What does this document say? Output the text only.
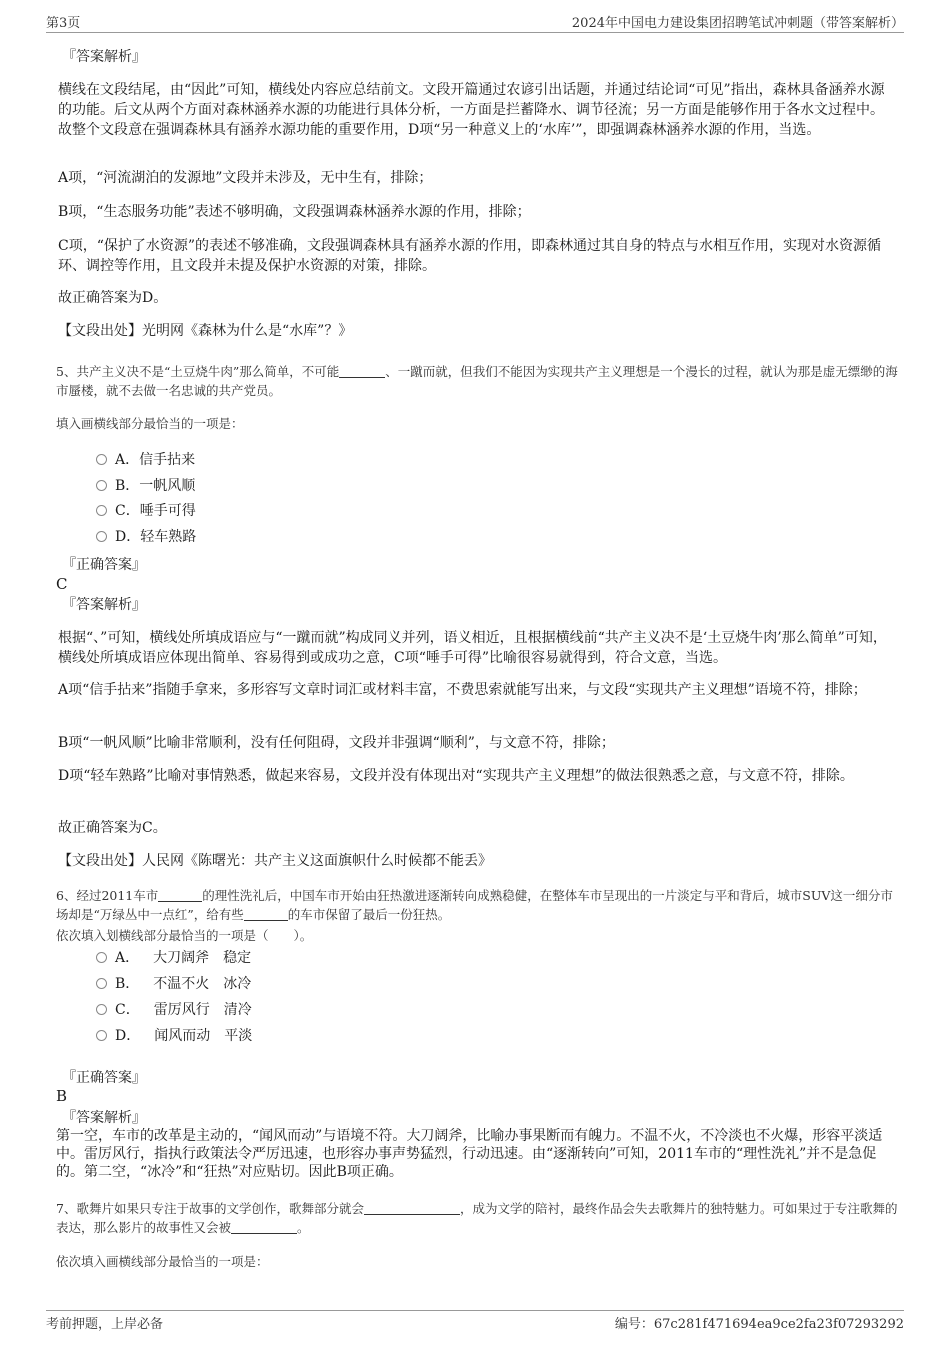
第3页	2024年中国电力建设集团招聘笔试冲刺题（带答案解析）
『答案解析』
横线在文段结尾，由“因此”可知，横线处内容应总结前文。文段开篇通过农谚引出话题，并通过结论词“可见”指出，森林具备涵养水源的功能。后文从两个方面对森林涵养水源的功能进行具体分析，一方面是拦蓄降水、调节径流；另一方面是能够作用于各水文过程中。故整个文段意在强调森林具有涵养水源功能的重要作用，D项“另一种意义上的‘水库’”，即强调森林涵养水源的作用，当选。
A项，“河流湖泊的发源地”文段并未涉及，无中生有，排除；
B项，“生态服务功能”表述不够明确，文段强调森林涵养水源的作用，排除；
C项，“保护了水资源”的表述不够准确，文段强调森林具有涵养水源的作用，即森林通过其自身的特点与水相互作用，实现对水资源循环、调控等作用，且文段并未提及保护水资源的对策，排除。
故正确答案为D。
【文段出处】光明网《森林为什么是“水库”？》
5、共产主义决不是“土豆烧牛肉”那么简单，不可能	、一蹴而就，但我们不能因为实现共产主义理想是一个漫长的过程，就认为那是虚无缥缈的海市蜃楼，就不去做一名忠诚的共产党员。
填入画横线部分最恰当的一项是：
A．信手拈来
B．一帆风顺
C．唾手可得
D．轻车熟路
『正确答案』
C
『答案解析』
根据“、”可知，横线处所填成语应与“一蹴而就”构成同义并列，语义相近，且根据横线前“共产主义决不是‘土豆烧牛肉’那么简单”可知，横线处所填成语应体现出简单、容易得到或成功之意，C项“唾手可得”比喻很容易就得到，符合文意，当选。
A项“信手拈来”指随手拿来，多形容写文章时词汇或材料丰富，不费思索就能写出来，与文段“实现共产主义理想”语境不符，排除；
B项“一帆风顺”比喻非常顺利，没有任何阻碍，文段并非强调“顺利”，与文意不符，排除；
D项“轻车熟路”比喻对事情熟悉，做起来容易，文段并没有体现出对“实现共产主义理想”的做法很熟悉之意，与文意不符，排除。
故正确答案为C。
【文段出处】人民网《陈曙光：共产主义这面旗帜什么时候都不能丢》
6、经过2011车市	的理性洗礼后，中国车市开始由狂热激进逐渐转向成熟稳健，在整体车市呈现出的一片淡定与平和背后，城市SUV这一细分市场却是“万绿丛中一点红”，给有些	的车市保留了最后一份狂热。
依次填入划横线部分最恰当的一项是（　　）。
A． 大刀阔斧 稳定
B． 不温不火 冰冷
C． 雷厉风行 清冷
D． 闻风而动 平淡
『正确答案』
B
『答案解析』
第一空，车市的改革是主动的，“闻风而动”与语境不符。大刀阔斧，比喻办事果断而有魄力。不温不火，不冷淡也不火爆，形容平淡适中。雷厉风行，指执行政策法令严厉迅速，也形容办事声势猛烈，行动迅速。由“逐渐转向”可知，2011车市的“理性洗礼”并不是急促的。第二空，“冰冷”和“狂热”对应贴切。因此B项正确。
7、歌舞片如果只专注于故事的文学创作，歌舞部分就会	，成为文学的陪衬，最终作品会失去歌舞片的独特魅力。可如果过于专注歌舞的表达，那么影片的故事性又会被	。
依次填入画横线部分最恰当的一项是：
考前押题，上岸必备	编号：67c281f471694ea9ce2fa23f07293292
